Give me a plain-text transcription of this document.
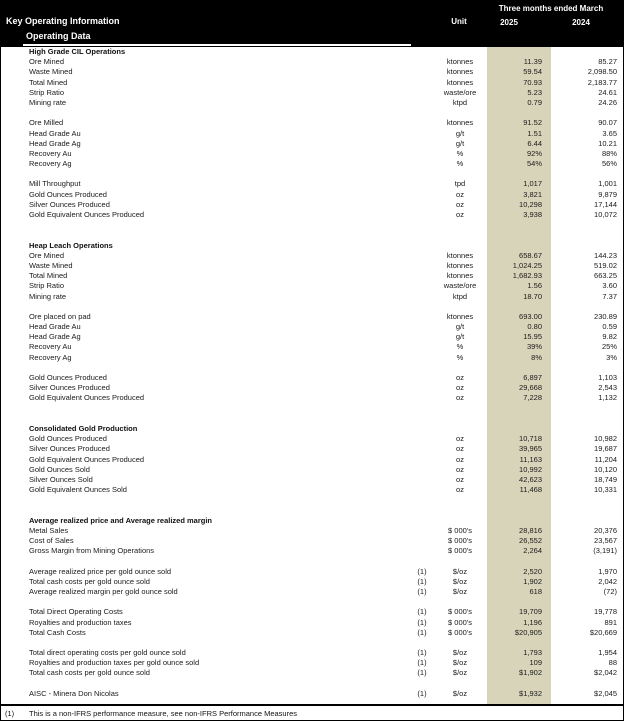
Three months ended March
Key Operating Information	Unit	2025	2024
Operating Data
High Grade CIL Operations
Ore Mined	ktonnes	11.39	85.27
Waste Mined	ktonnes	59.54	2,098.50
Total Mined	ktonnes	70.93	2,183.77
Strip Ratio	waste/ore	5.23	24.61
Mining rate	ktpd	0.79	24.26
Ore Milled	ktonnes	91.52	90.07
Head Grade Au	g/t	1.51	3.65
Head Grade Ag	g/t	6.44	10.21
Recovery Au	%	92%	88%
Recovery Ag	%	54%	56%
Mill Throughput	tpd	1,017	1,001
Gold Ounces Produced	oz	3,821	9,879
Silver Ounces Produced	oz	10,298	17,144
Gold Equivalent Ounces Produced	oz	3,938	10,072
Heap Leach Operations
Ore Mined	ktonnes	658.67	144.23
Waste Mined	ktonnes	1,024.25	519.02
Total Mined	ktonnes	1,682.93	663.25
Strip Ratio	waste/ore	1.56	3.60
Mining rate	ktpd	18.70	7.37
Ore placed on pad	ktonnes	693.00	230.89
Head Grade Au	g/t	0.80	0.59
Head Grade Ag	g/t	15.95	9.82
Recovery Au	%	39%	25%
Recovery Ag	%	8%	3%
Gold Ounces Produced	oz	6,897	1,103
Silver Ounces Produced	oz	29,668	2,543
Gold Equivalent Ounces Produced	oz	7,228	1,132
Consolidated Gold Production
Gold Ounces Produced	oz	10,718	10,982
Silver Ounces Produced	oz	39,965	19,687
Gold Equivalent Ounces Produced	oz	11,163	11,204
Gold Ounces Sold	oz	10,992	10,120
Silver Ounces Sold	oz	42,623	18,749
Gold Equivalent Ounces Sold	oz	11,468	10,331
Average realized price and Average realized margin
Metal Sales	$ 000's	28,816	20,376
Cost of Sales	$ 000's	26,552	23,567
Gross Margin from Mining Operations	$ 000's	2,264	(3,191)
Average realized price per gold ounce sold	(1)	$/oz	2,520	1,970
Total cash costs per gold ounce sold	(1)	$/oz	1,902	2,042
Average realized margin per gold ounce sold	(1)	$/oz	618	(72)
Total Direct Operating Costs	(1)	$ 000's	19,709	19,778
Royalties and production taxes	(1)	$ 000's	1,196	891
Total Cash Costs	(1)	$ 000's	$20,905	$20,669
Total direct operating costs per gold ounce sold	(1)	$/oz	1,793	1,954
Royalties and production taxes per gold ounce sold	(1)	$/oz	109	88
Total cash costs per gold ounce sold	(1)	$/oz	$1,902	$2,042
AISC - Minera Don Nicolas	(1)	$/oz	$1,932	$2,045
(1) This is a non-IFRS performance measure, see non-IFRS Performance Measures
